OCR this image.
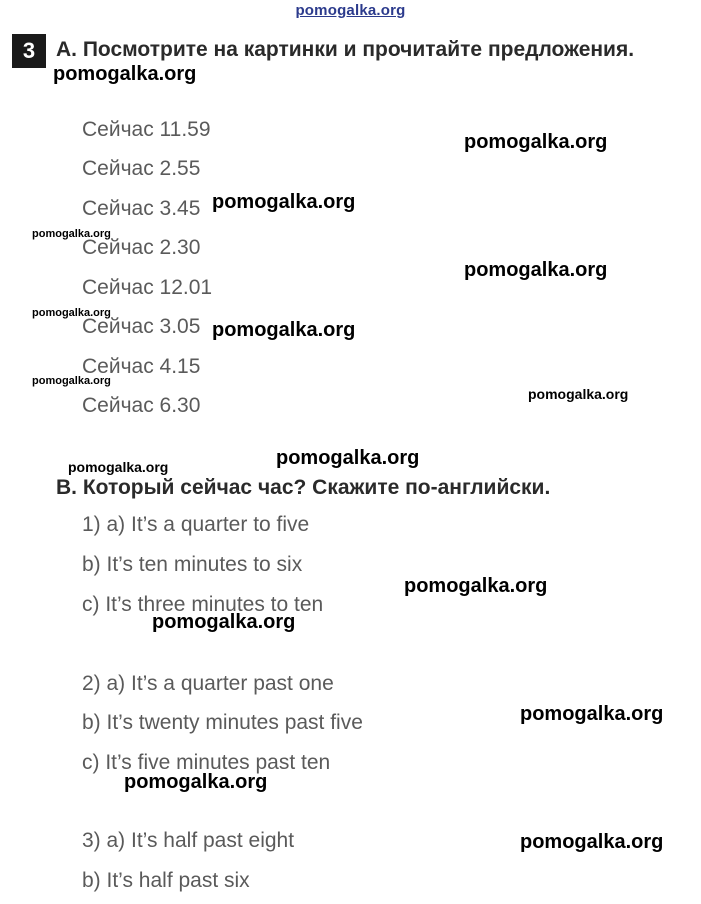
pomogalka.org
3 A. Посмотрите на картинки и прочитайте предложения.
Сейчас 11.59
Сейчас 2.55
Сейчас 3.45
Сейчас 2.30
Сейчас 12.01
Сейчас 3.05
Сейчас 4.15
Сейчас 6.30
B. Который сейчас час? Скажите по-английски.
1) a) It’s a quarter to five
b) It’s ten minutes to six
c) It’s three minutes to ten
2) a) It’s a quarter past one
b) It’s twenty minutes past five
c) It’s five minutes past ten
3) a) It’s half past eight
b) It’s half past six
pomogalka.org
pomogalka.org
pomogalka.org
pomogalka.org
pomogalka.org
pomogalka.org
pomogalka.org
pomogalka.org
pomogalka.org
pomogalka.org
pomogalka.org
pomogalka.org
pomogalka.org
pomogalka.org
pomogalka.org
pomogalka.org
